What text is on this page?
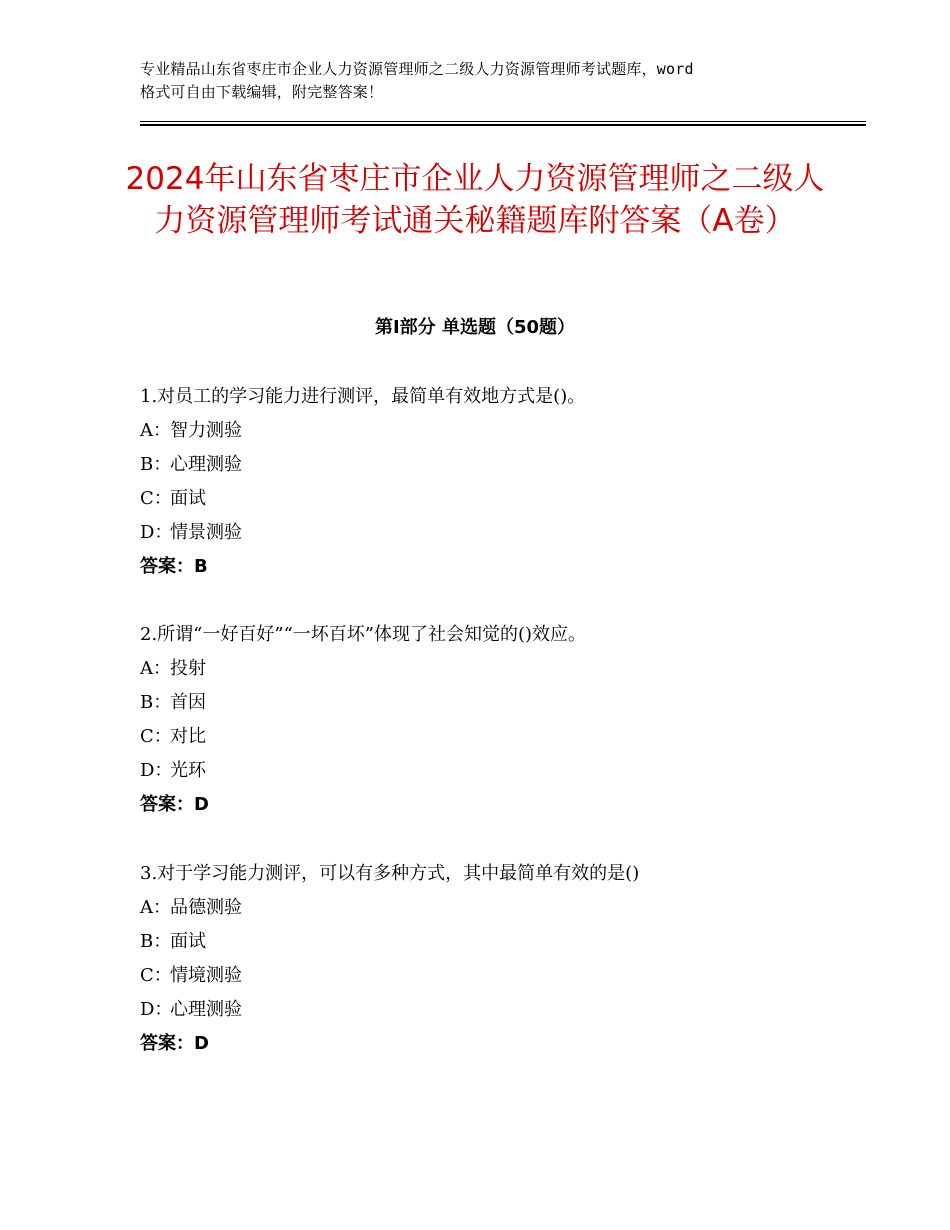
专业精品山东省枣庄市企业人力资源管理师之二级人力资源管理师考试题库，word
格式可自由下载编辑，附完整答案！
2024年山东省枣庄市企业人力资源管理师之二级人力资源管理师考试通关秘籍题库附答案（A卷）
第Ⅰ部分 单选题（50题）
1.对员工的学习能力进行测评，最简单有效地方式是()。
A：智力测验
B：心理测验
C：面试
D：情景测验
答案：B
2.所谓“一好百好”“一坏百坏”体现了社会知觉的()效应。
A：投射
B：首因
C：对比
D：光环
答案：D
3.对于学习能力测评，可以有多种方式，其中最简单有效的是()
A：品德测验
B：面试
C：情境测验
D：心理测验
答案：D
